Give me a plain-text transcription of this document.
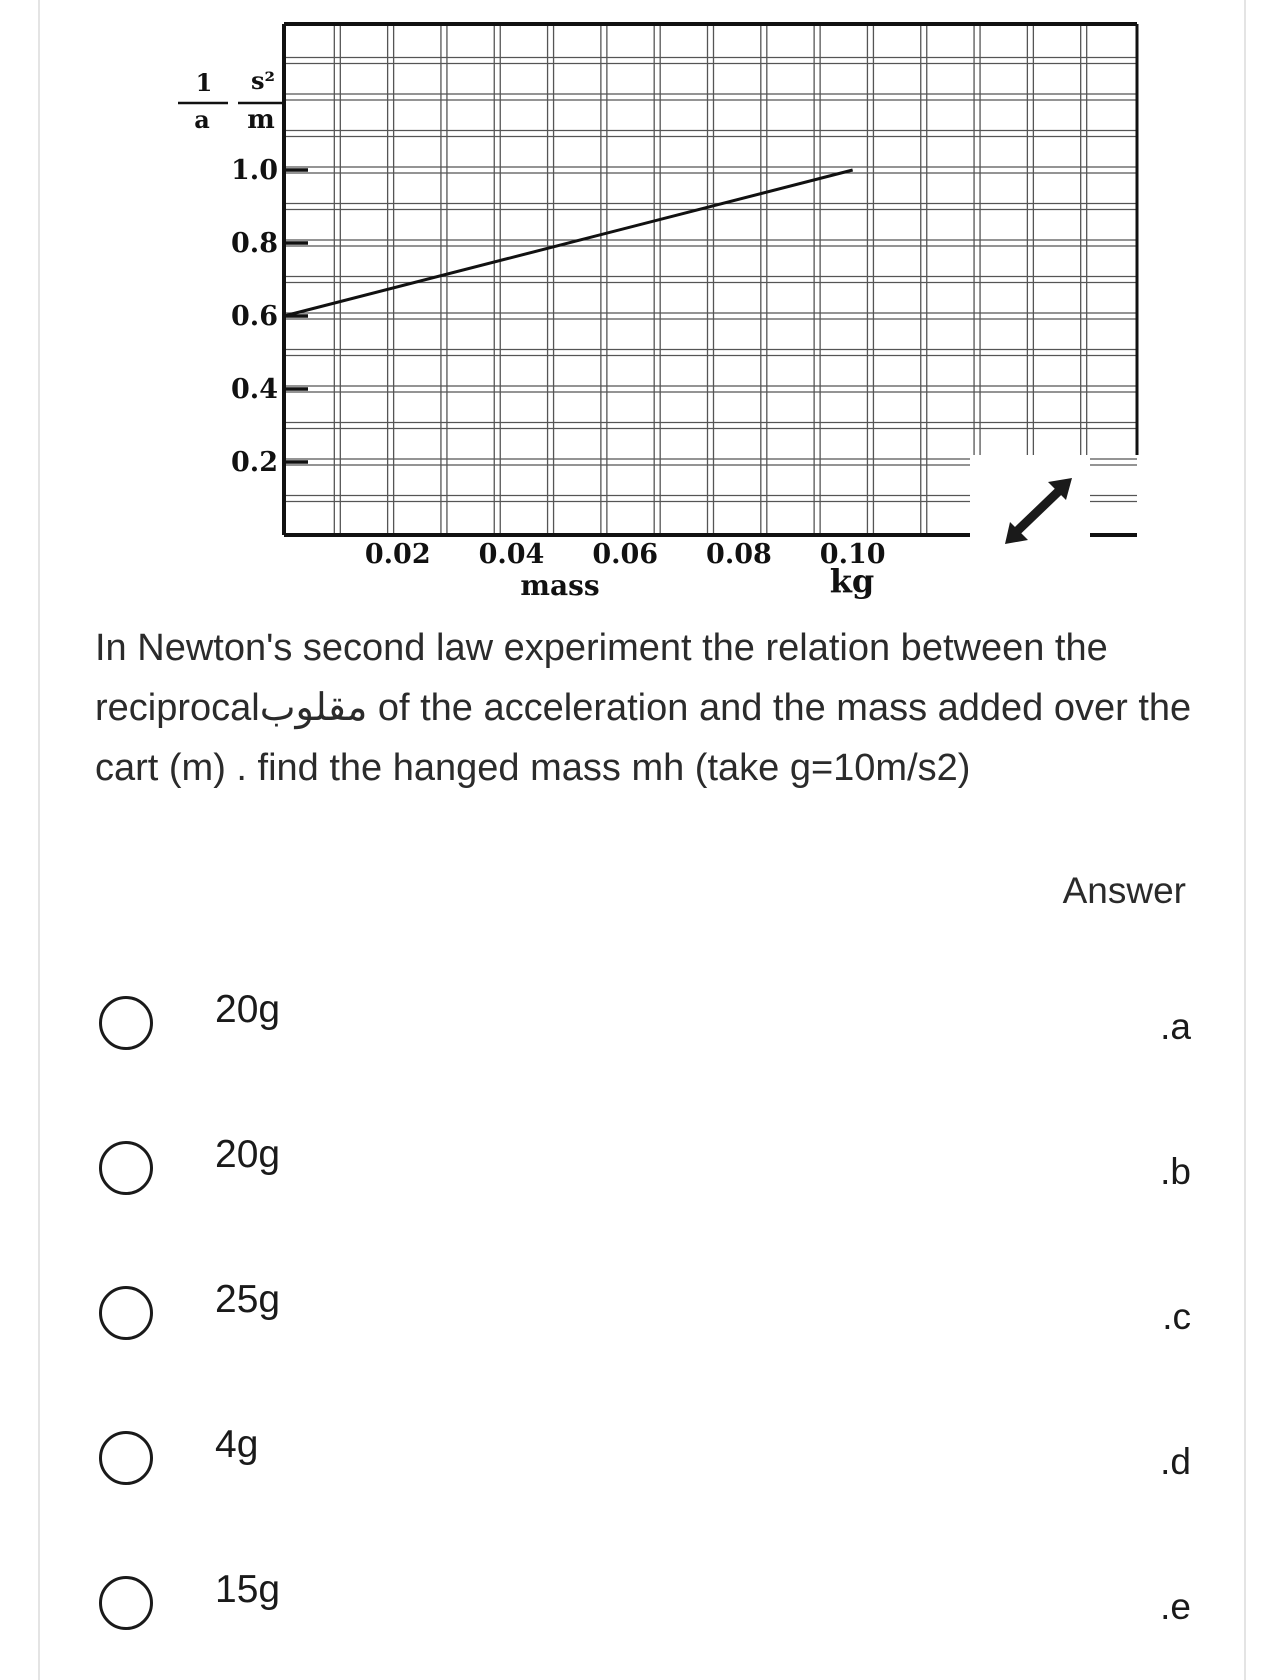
1.0
0.8
0.6
0.4
0.2
0.02 0.04 0.06 0.08 0.10
1
a
s²
m
mass	kg

In Newton's second law experiment the relation between the reciprocalمقلوب of the acceleration and the mass added over the cart (m) . find the hanged mass mh (take g=10m/s2)

Answer
20g	.a
20g	.b
25g	.c
4g	.d
15g	.e
